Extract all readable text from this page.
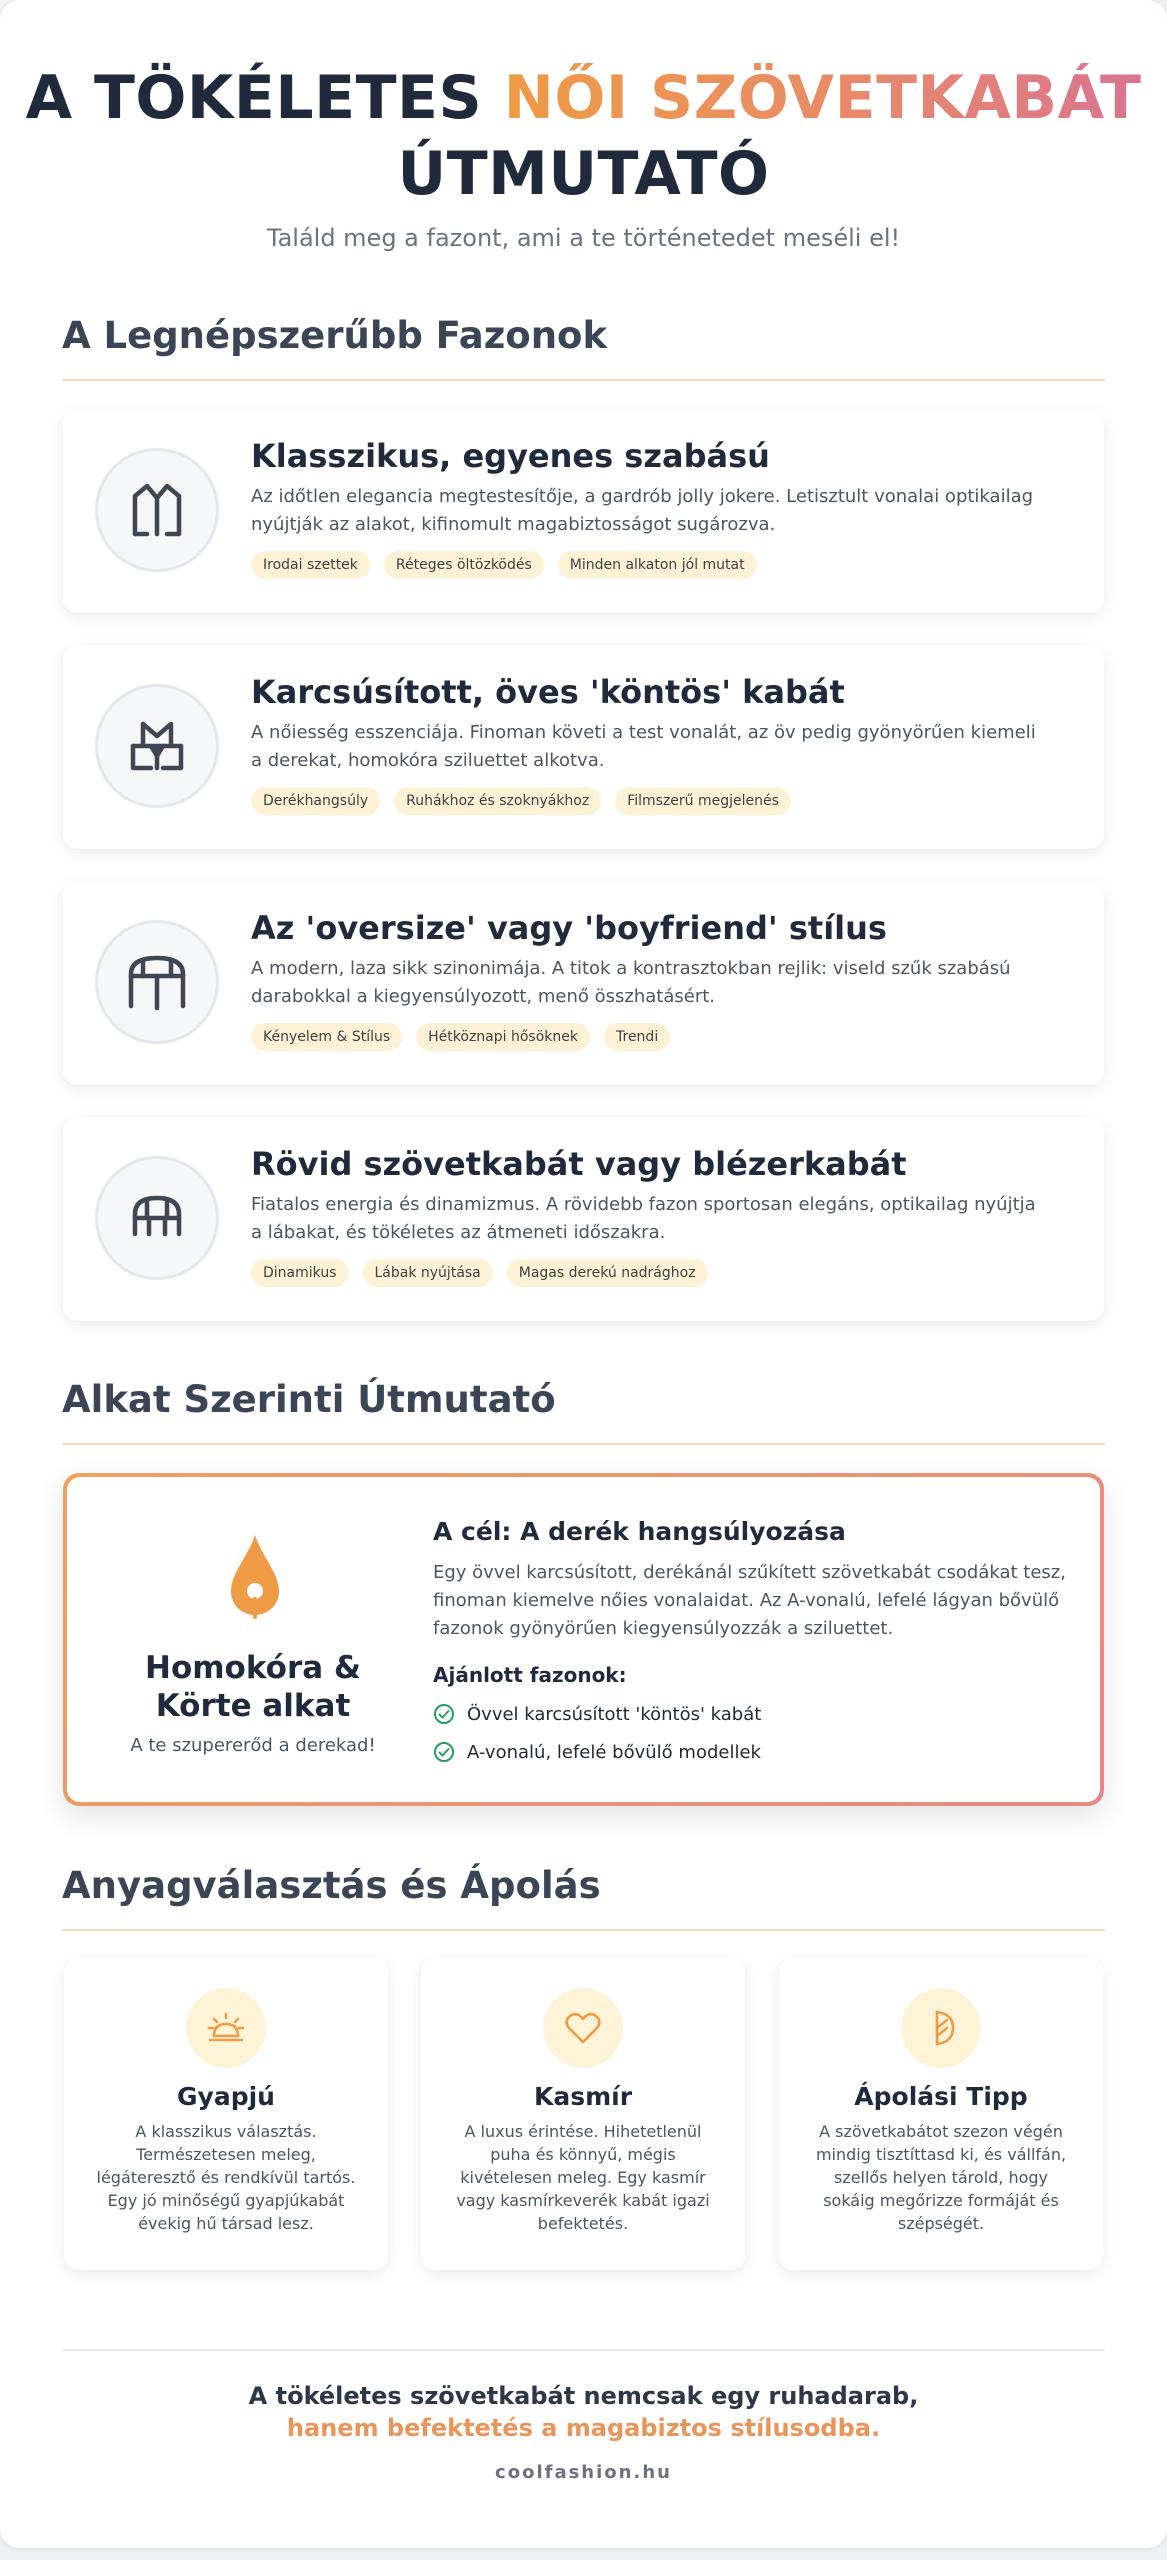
A TÖKÉLETES NŐI SZÖVETKABÁT
ÚTMUTATÓ
Találd meg a fazont, ami a te történetedet meséli el!
A Legnépszerűbb Fazonok
Klasszikus, egyenes szabású
Az időtlen elegancia megtestesítője, a gardrób jolly jokere. Letisztult vonalai optikailag nyújtják az alakot, kifinomult magabiztosságot sugározva.
Irodai szettek	Réteges öltözködés	Minden alkaton jól mutat
Karcsúsított, öves 'köntös' kabát
A nőiesség esszenciája. Finoman követi a test vonalát, az öv pedig gyönyörűen kiemeli a derekat, homokóra sziluettet alkotva.
Derékhangsúly	Ruhákhoz és szoknyákhoz	Filmszerű megjelenés
Az 'oversize' vagy 'boyfriend' stílus
A modern, laza sikk szinonimája. A titok a kontrasztokban rejlik: viseld szűk szabású darabokkal a kiegyensúlyozott, menő összhatásért.
Kényelem & Stílus	Hétköznapi hősöknek	Trendi
Rövid szövetkabát vagy blézerkabát
Fiatalos energia és dinamizmus. A rövidebb fazon sportosan elegáns, optikailag nyújtja a lábakat, és tökéletes az átmeneti időszakra.
Dinamikus	Lábak nyújtása	Magas derekú nadrághoz
Alkat Szerinti Útmutató
Homokóra &
Körte alkat
A te szupererőd a derekad!
A cél: A derék hangsúlyozása
Egy övvel karcsúsított, derékánál szűkített szövetkabát csodákat tesz, finoman kiemelve nőies vonalaidat. Az A-vonalú, lefelé lágyan bővülő fazonok gyönyörűen kiegyensúlyozzák a sziluettet.
Ajánlott fazonok:
Övvel karcsúsított 'köntös' kabát
A-vonalú, lefelé bővülő modellek
Anyagválasztás és Ápolás
Gyapjú
A klasszikus választás. Természetesen meleg, légáteresztő és rendkívül tartós. Egy jó minőségű gyapjúkabát évekig hű társad lesz.
Kasmír
A luxus érintése. Hihetetlenül puha és könnyű, mégis kivételesen meleg. Egy kasmír vagy kasmírkeverék kabát igazi befektetés.
Ápolási Tipp
A szövetkabátot szezon végén mindig tisztíttasd ki, és vállfán, szellős helyen tárold, hogy sokáig megőrizze formáját és szépségét.
A tökéletes szövetkabát nemcsak egy ruhadarab,
hanem befektetés a magabiztos stílusodba.
coolfashion.hu
